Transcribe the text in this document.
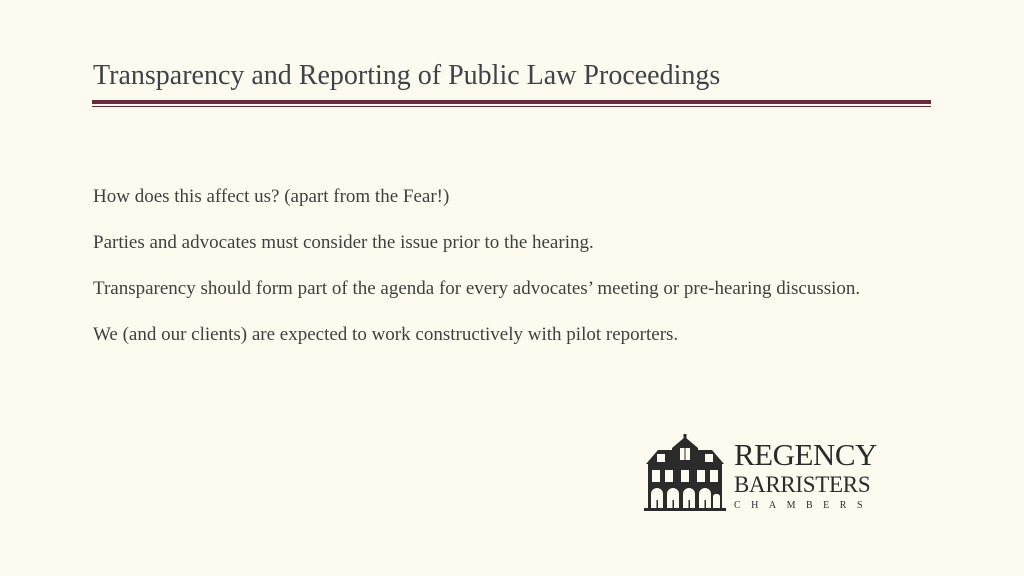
Transparency and Reporting of Public Law Proceedings

How does this affect us? (apart from the Fear!)

Parties and advocates must consider the issue prior to the hearing.

Transparency should form part of the agenda for every advocates’ meeting or pre-hearing discussion.

We (and our clients) are expected to work constructively with pilot reporters.

REGENCY
BARRISTERS
CHAMBERS
